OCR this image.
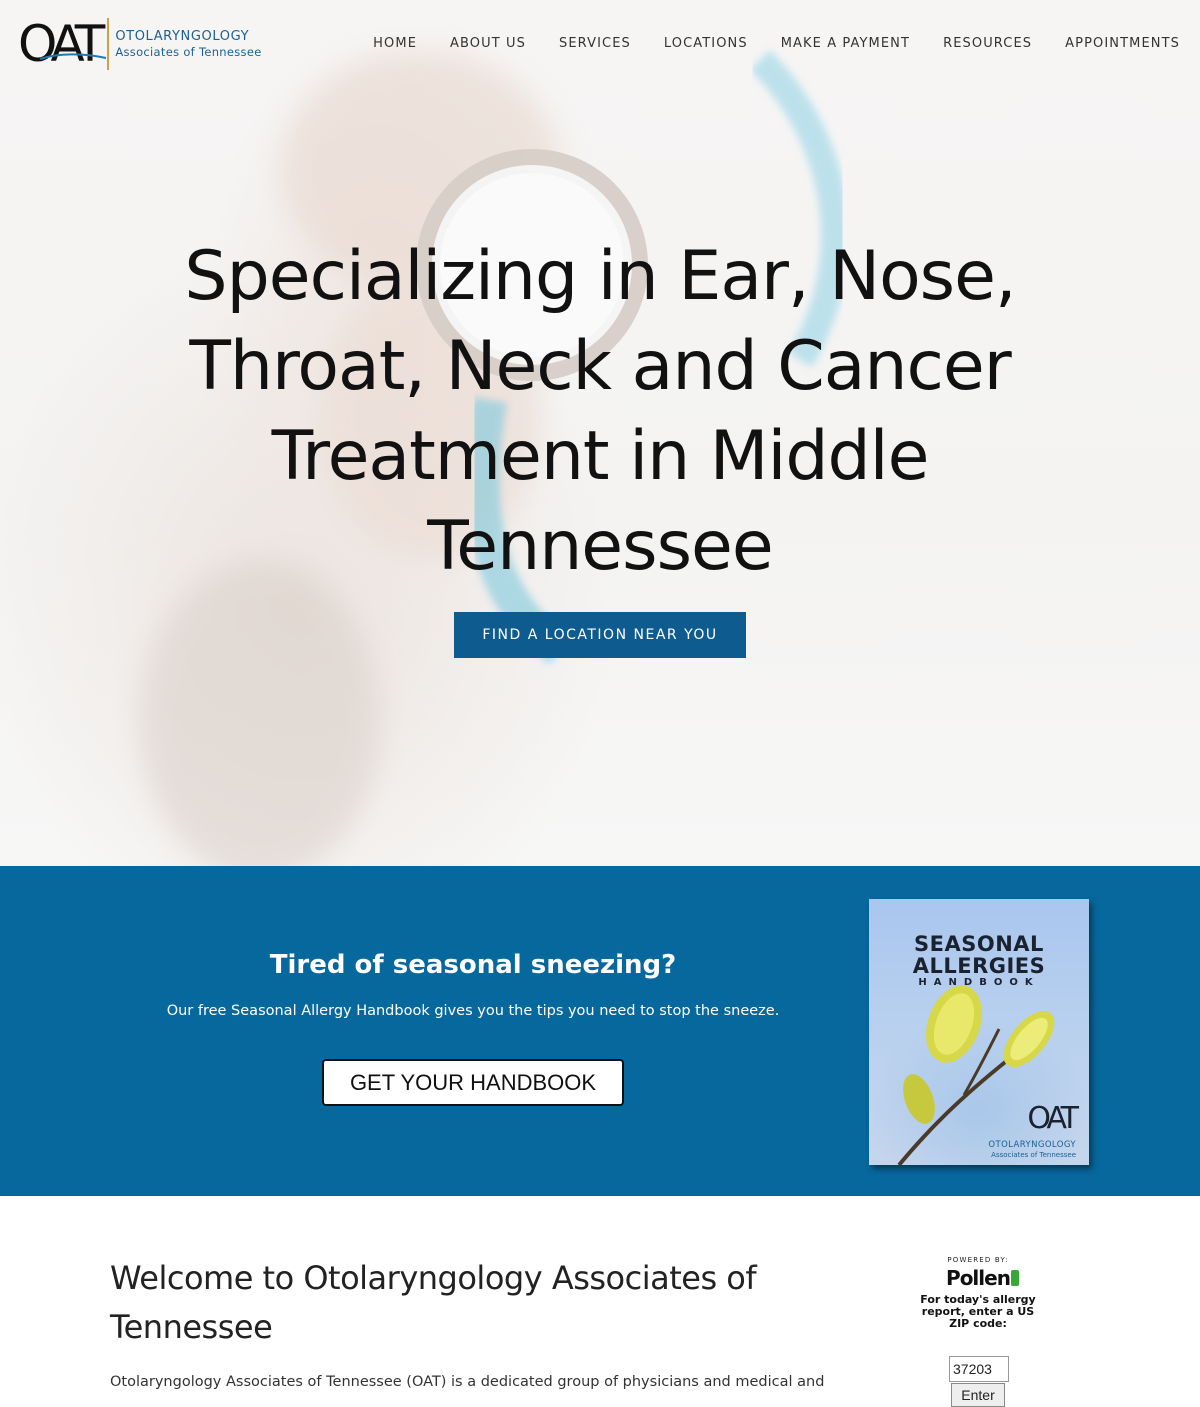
OAT OTOLARYNGOLOGY
Associates of Tennessee
HOME	ABOUT US	SERVICES	LOCATIONS	MAKE A PAYMENT	RESOURCES	APPOINTMENTS
Specializing in Ear, Nose, Throat, Neck and Cancer Treatment in Middle Tennessee
FIND A LOCATION NEAR YOU
Tired of seasonal sneezing?

Our free Seasonal Allergy Handbook gives you the tips you need to stop the sneeze.

GET YOUR HANDBOOK
SEASONAL
ALLERGIES
HANDBOOK
OAT
OTOLARYNGOLOGY
Associates of Tennessee
Welcome to Otolaryngology Associates of Tennessee

Otolaryngology Associates of Tennessee (OAT) is a dedicated group of physicians and medical and

POWERED BY:
Pollen
For today's allergy report, enter a US ZIP code:
37203
Enter
